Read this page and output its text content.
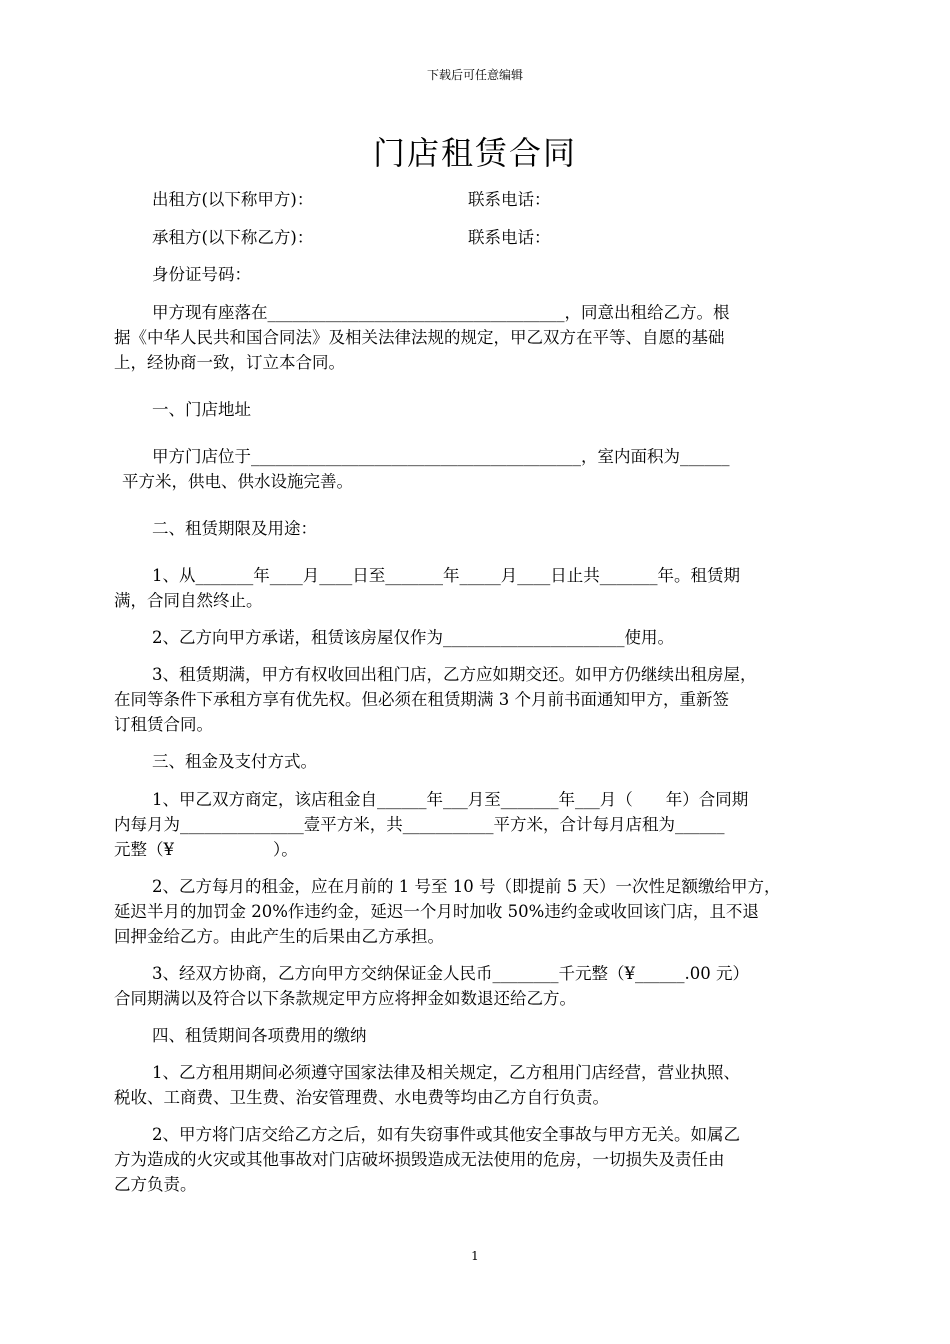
下载后可任意编辑
门店租赁合同
出租方(以下称甲方)：	联系电话：
承租方(以下称乙方)：	联系电话：
身份证号码：
甲方现有座落在____________________________________，同意出租给乙方。根
据《中华人民共和国合同法》及相关法律法规的规定，甲乙双方在平等、自愿的基础
上，经协商一致，订立本合同。
一、门店地址
甲方门店位于________________________________________，室内面积为______
平方米，供电、供水设施完善。
二、租赁期限及用途：
1、从_______年____月____日至_______年_____月____日止共_______年。租赁期
满，合同自然终止。
2、乙方向甲方承诺，租赁该房屋仅作为______________________使用。
3、租赁期满，甲方有权收回出租门店，乙方应如期交还。如甲方仍继续出租房屋，
在同等条件下承租方享有优先权。但必须在租赁期满 3 个月前书面通知甲方，重新签
订租赁合同。
三、租金及支付方式。
1、甲乙双方商定，该店租金自______年___月至_______年___月（　　年）合同期
内每月为_______________壹平方米，共___________平方米，合计每月店租为______
元整（¥　　　　　　）。
2、乙方每月的租金，应在月前的 1 号至 10 号（即提前 5 天）一次性足额缴给甲方，
延迟半月的加罚金 20%作违约金，延迟一个月时加收 50%违约金或收回该门店，且不退
回押金给乙方。由此产生的后果由乙方承担。
3、经双方协商，乙方向甲方交纳保证金人民币________千元整（¥______.00 元）
合同期满以及符合以下条款规定甲方应将押金如数退还给乙方。
四、租赁期间各项费用的缴纳
1、乙方租用期间必须遵守国家法律及相关规定，乙方租用门店经营，营业执照、
税收、工商费、卫生费、治安管理费、水电费等均由乙方自行负责。
2、甲方将门店交给乙方之后，如有失窃事件或其他安全事故与甲方无关。如属乙
方为造成的火灾或其他事故对门店破坏损毁造成无法使用的危房，一切损失及责任由
乙方负责。
1
